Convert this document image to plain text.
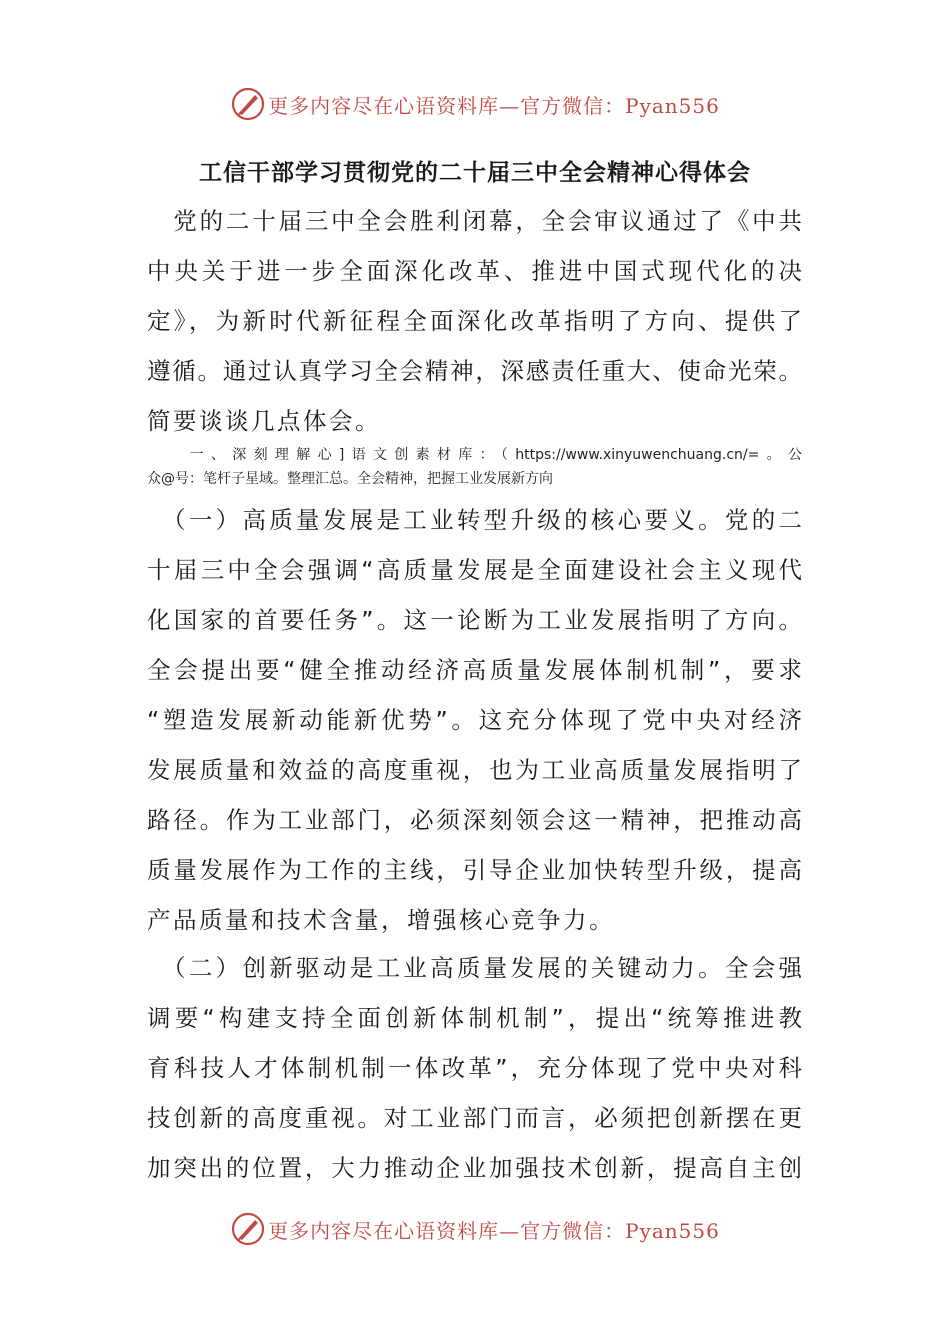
更多内容尽在心语资料库—官方微信：Pyan556
工信干部学习贯彻党的二十届三中全会精神心得体会
　党的二十届三中全会胜利闭幕，全会审议通过了《中共
中央关于进一步全面深化改革、推进中国式现代化的决
定》，为新时代新征程全面深化改革指明了方向、提供了
遵循。通过认真学习全会精神，深感责任重大、使命光荣。
简要谈谈几点体会。
　　一、深刻理解心]语文创素材库：（https://www.xinyuwenchuang.cn/=。公
众@号：笔杆子星域。整理汇总。全会精神，把握工业发展新方向
　（一）高质量发展是工业转型升级的核心要义。党的二
十届三中全会强调“高质量发展是全面建设社会主义现代
化国家的首要任务”。这一论断为工业发展指明了方向。
全会提出要“健全推动经济高质量发展体制机制”，要求
“塑造发展新动能新优势”。这充分体现了党中央对经济
发展质量和效益的高度重视，也为工业高质量发展指明了
路径。作为工业部门，必须深刻领会这一精神，把推动高
质量发展作为工作的主线，引导企业加快转型升级，提高
产品质量和技术含量，增强核心竞争力。
　（二）创新驱动是工业高质量发展的关键动力。全会强
调要“构建支持全面创新体制机制”，提出“统筹推进教
育科技人才体制机制一体改革”，充分体现了党中央对科
技创新的高度重视。对工业部门而言，必须把创新摆在更
加突出的位置，大力推动企业加强技术创新，提高自主创
更多内容尽在心语资料库—官方微信：Pyan556
